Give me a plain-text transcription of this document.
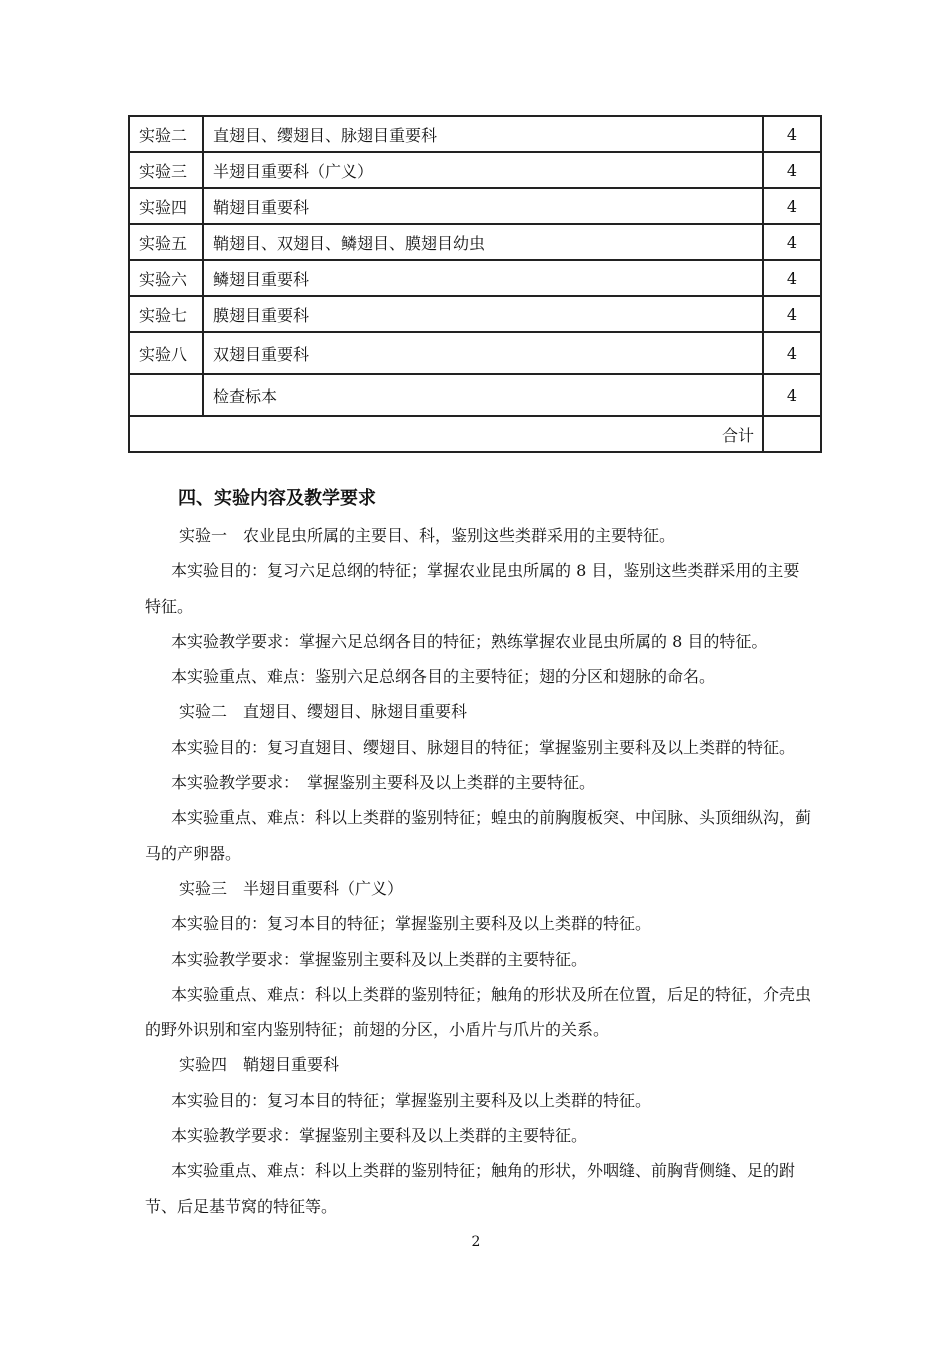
实验二	直翅目、缨翅目、脉翅目重要科	4
实验三	半翅目重要科（广义）	4
实验四	鞘翅目重要科	4
实验五	鞘翅目、双翅目、鳞翅目、膜翅目幼虫	4
实验六	鳞翅目重要科	4
实验七	膜翅目重要科	4
实验八	双翅目重要科	4
	检查标本	4
合计		
四、实验内容及教学要求

实验一　农业昆虫所属的主要目、科，鉴别这些类群采用的主要特征。

本实验目的：复习六足总纲的特征；掌握农业昆虫所属的 8 目，鉴别这些类群采用的主要特征。

本实验教学要求：掌握六足总纲各目的特征；熟练掌握农业昆虫所属的 8 目的特征。

本实验重点、难点：鉴别六足总纲各目的主要特征；翅的分区和翅脉的命名。

实验二　直翅目、缨翅目、脉翅目重要科

本实验目的：复习直翅目、缨翅目、脉翅目的特征；掌握鉴别主要科及以上类群的特征。

本实验教学要求：　掌握鉴别主要科及以上类群的主要特征。

本实验重点、难点：科以上类群的鉴别特征；蝗虫的前胸腹板突、中闰脉、头顶细纵沟，蓟马的产卵器。

实验三　半翅目重要科（广义）

本实验目的：复习本目的特征；掌握鉴别主要科及以上类群的特征。

本实验教学要求：掌握鉴别主要科及以上类群的主要特征。

本实验重点、难点：科以上类群的鉴别特征；触角的形状及所在位置，后足的特征，介壳虫的野外识别和室内鉴别特征；前翅的分区，小盾片与爪片的关系。

实验四　鞘翅目重要科

本实验目的：复习本目的特征；掌握鉴别主要科及以上类群的特征。

本实验教学要求：掌握鉴别主要科及以上类群的主要特征。

本实验重点、难点：科以上类群的鉴别特征；触角的形状，外咽缝、前胸背侧缝、足的跗节、后足基节窝的特征等。

2
